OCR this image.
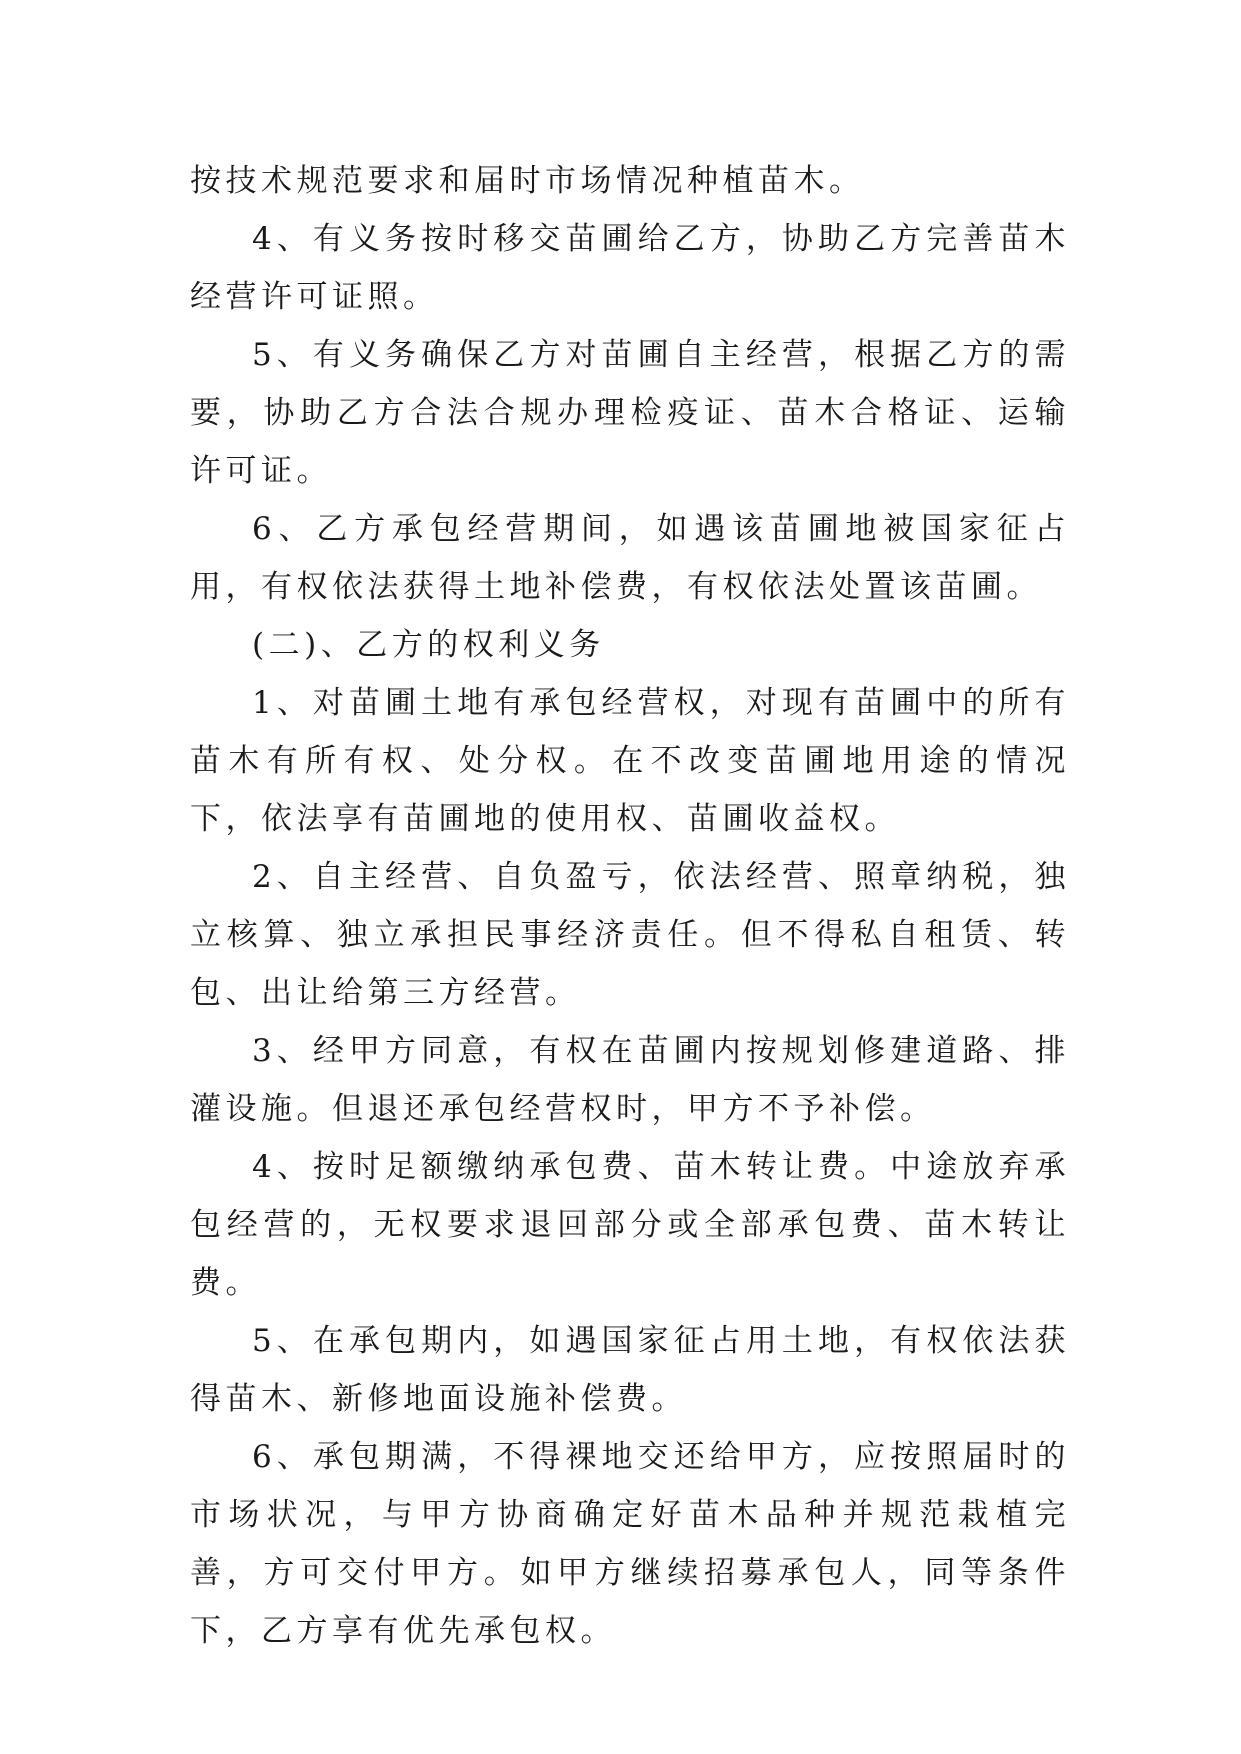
按技术规范要求和届时市场情况种植苗木。

4、有义务按时移交苗圃给乙方，协助乙方完善苗木经营许可证照。

5、有义务确保乙方对苗圃自主经营，根据乙方的需要，协助乙方合法合规办理检疫证、苗木合格证、运输许可证。

6、乙方承包经营期间，如遇该苗圃地被国家征占用，有权依法获得土地补偿费，有权依法处置该苗圃。

(二)、乙方的权利义务

1、对苗圃土地有承包经营权，对现有苗圃中的所有苗木有所有权、处分权。在不改变苗圃地用途的情况下，依法享有苗圃地的使用权、苗圃收益权。

2、自主经营、自负盈亏，依法经营、照章纳税，独立核算、独立承担民事经济责任。但不得私自租赁、转包、出让给第三方经营。

3、经甲方同意，有权在苗圃内按规划修建道路、排灌设施。但退还承包经营权时，甲方不予补偿。

4、按时足额缴纳承包费、苗木转让费。中途放弃承包经营的，无权要求退回部分或全部承包费、苗木转让费。

5、在承包期内，如遇国家征占用土地，有权依法获得苗木、新修地面设施补偿费。

6、承包期满，不得裸地交还给甲方，应按照届时的市场状况，与甲方协商确定好苗木品种并规范栽植完善，方可交付甲方。如甲方继续招募承包人，同等条件下，乙方享有优先承包权。
